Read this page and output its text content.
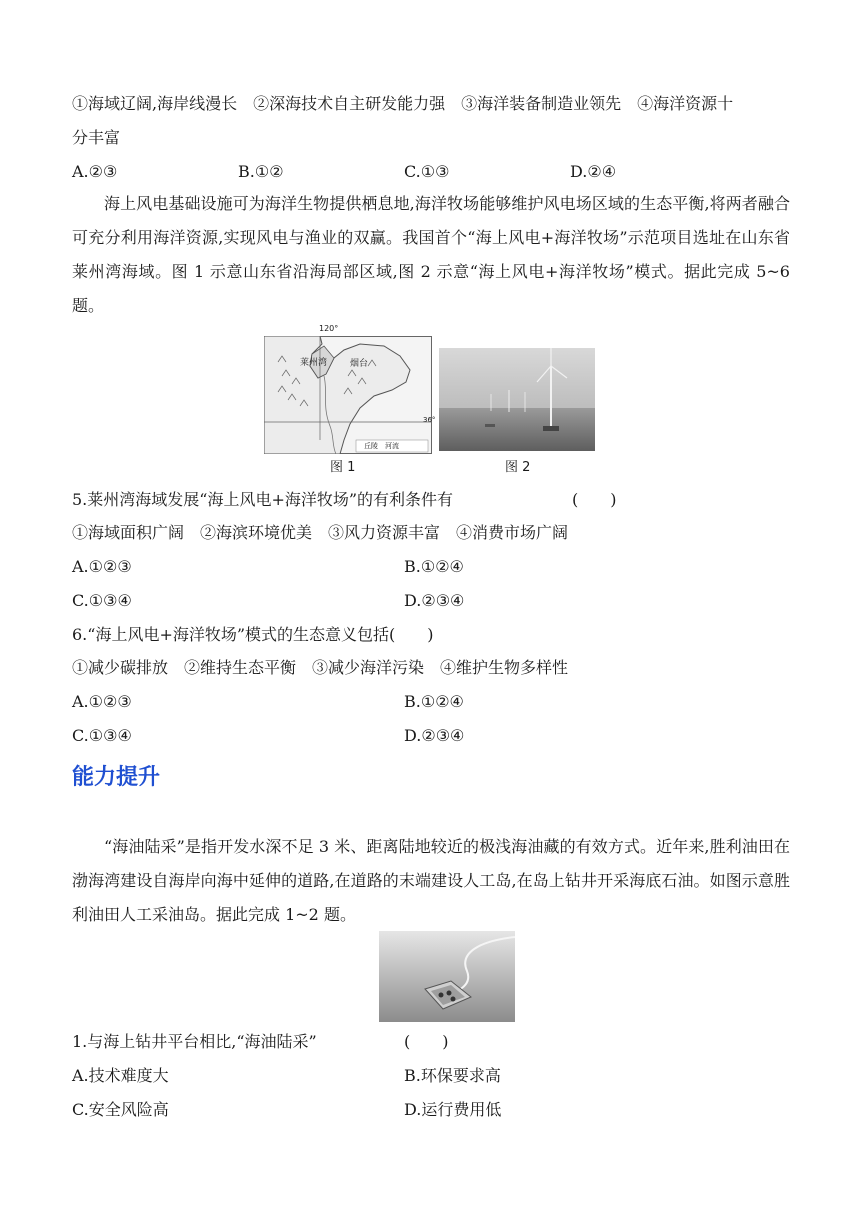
①海域辽阔,海岸线漫长　②深海技术自主研发能力强　③海洋装备制造业领先　④海洋资源十
分丰富
A.②③	B.①②	C.①③	D.②④
海上风电基础设施可为海洋生物提供栖息地,海洋牧场能够维护风电场区域的生态平衡,将两者融合可充分利用海洋资源,实现风电与渔业的双赢。我国首个“海上风电+海洋牧场”示范项目选址在山东省莱州湾海域。图 1 示意山东省沿海局部区域,图 2 示意“海上风电+海洋牧场”模式。据此完成 5~6 题。
120°
36°
莱州湾	烟台
丘陵　河流
图 1	图 2
5.莱州湾海域发展“海上风电+海洋牧场”的有利条件有	(　　)
①海域面积广阔　②海滨环境优美　③风力资源丰富　④消费市场广阔
A.①②③	B.①②④
C.①③④	D.②③④
6.“海上风电+海洋牧场”模式的生态意义包括(　　)
①减少碳排放　②维持生态平衡　③减少海洋污染　④维护生物多样性
A.①②③	B.①②④
C.①③④	D.②③④
能力提升
“海油陆采”是指开发水深不足 3 米、距离陆地较近的极浅海油藏的有效方式。近年来,胜利油田在渤海湾建设自海岸向海中延伸的道路,在道路的末端建设人工岛,在岛上钻井开采海底石油。如图示意胜利油田人工采油岛。据此完成 1~2 题。
1.与海上钻井平台相比,“海油陆采”	(　　)
A.技术难度大	B.环保要求高
C.安全风险高	D.运行费用低
